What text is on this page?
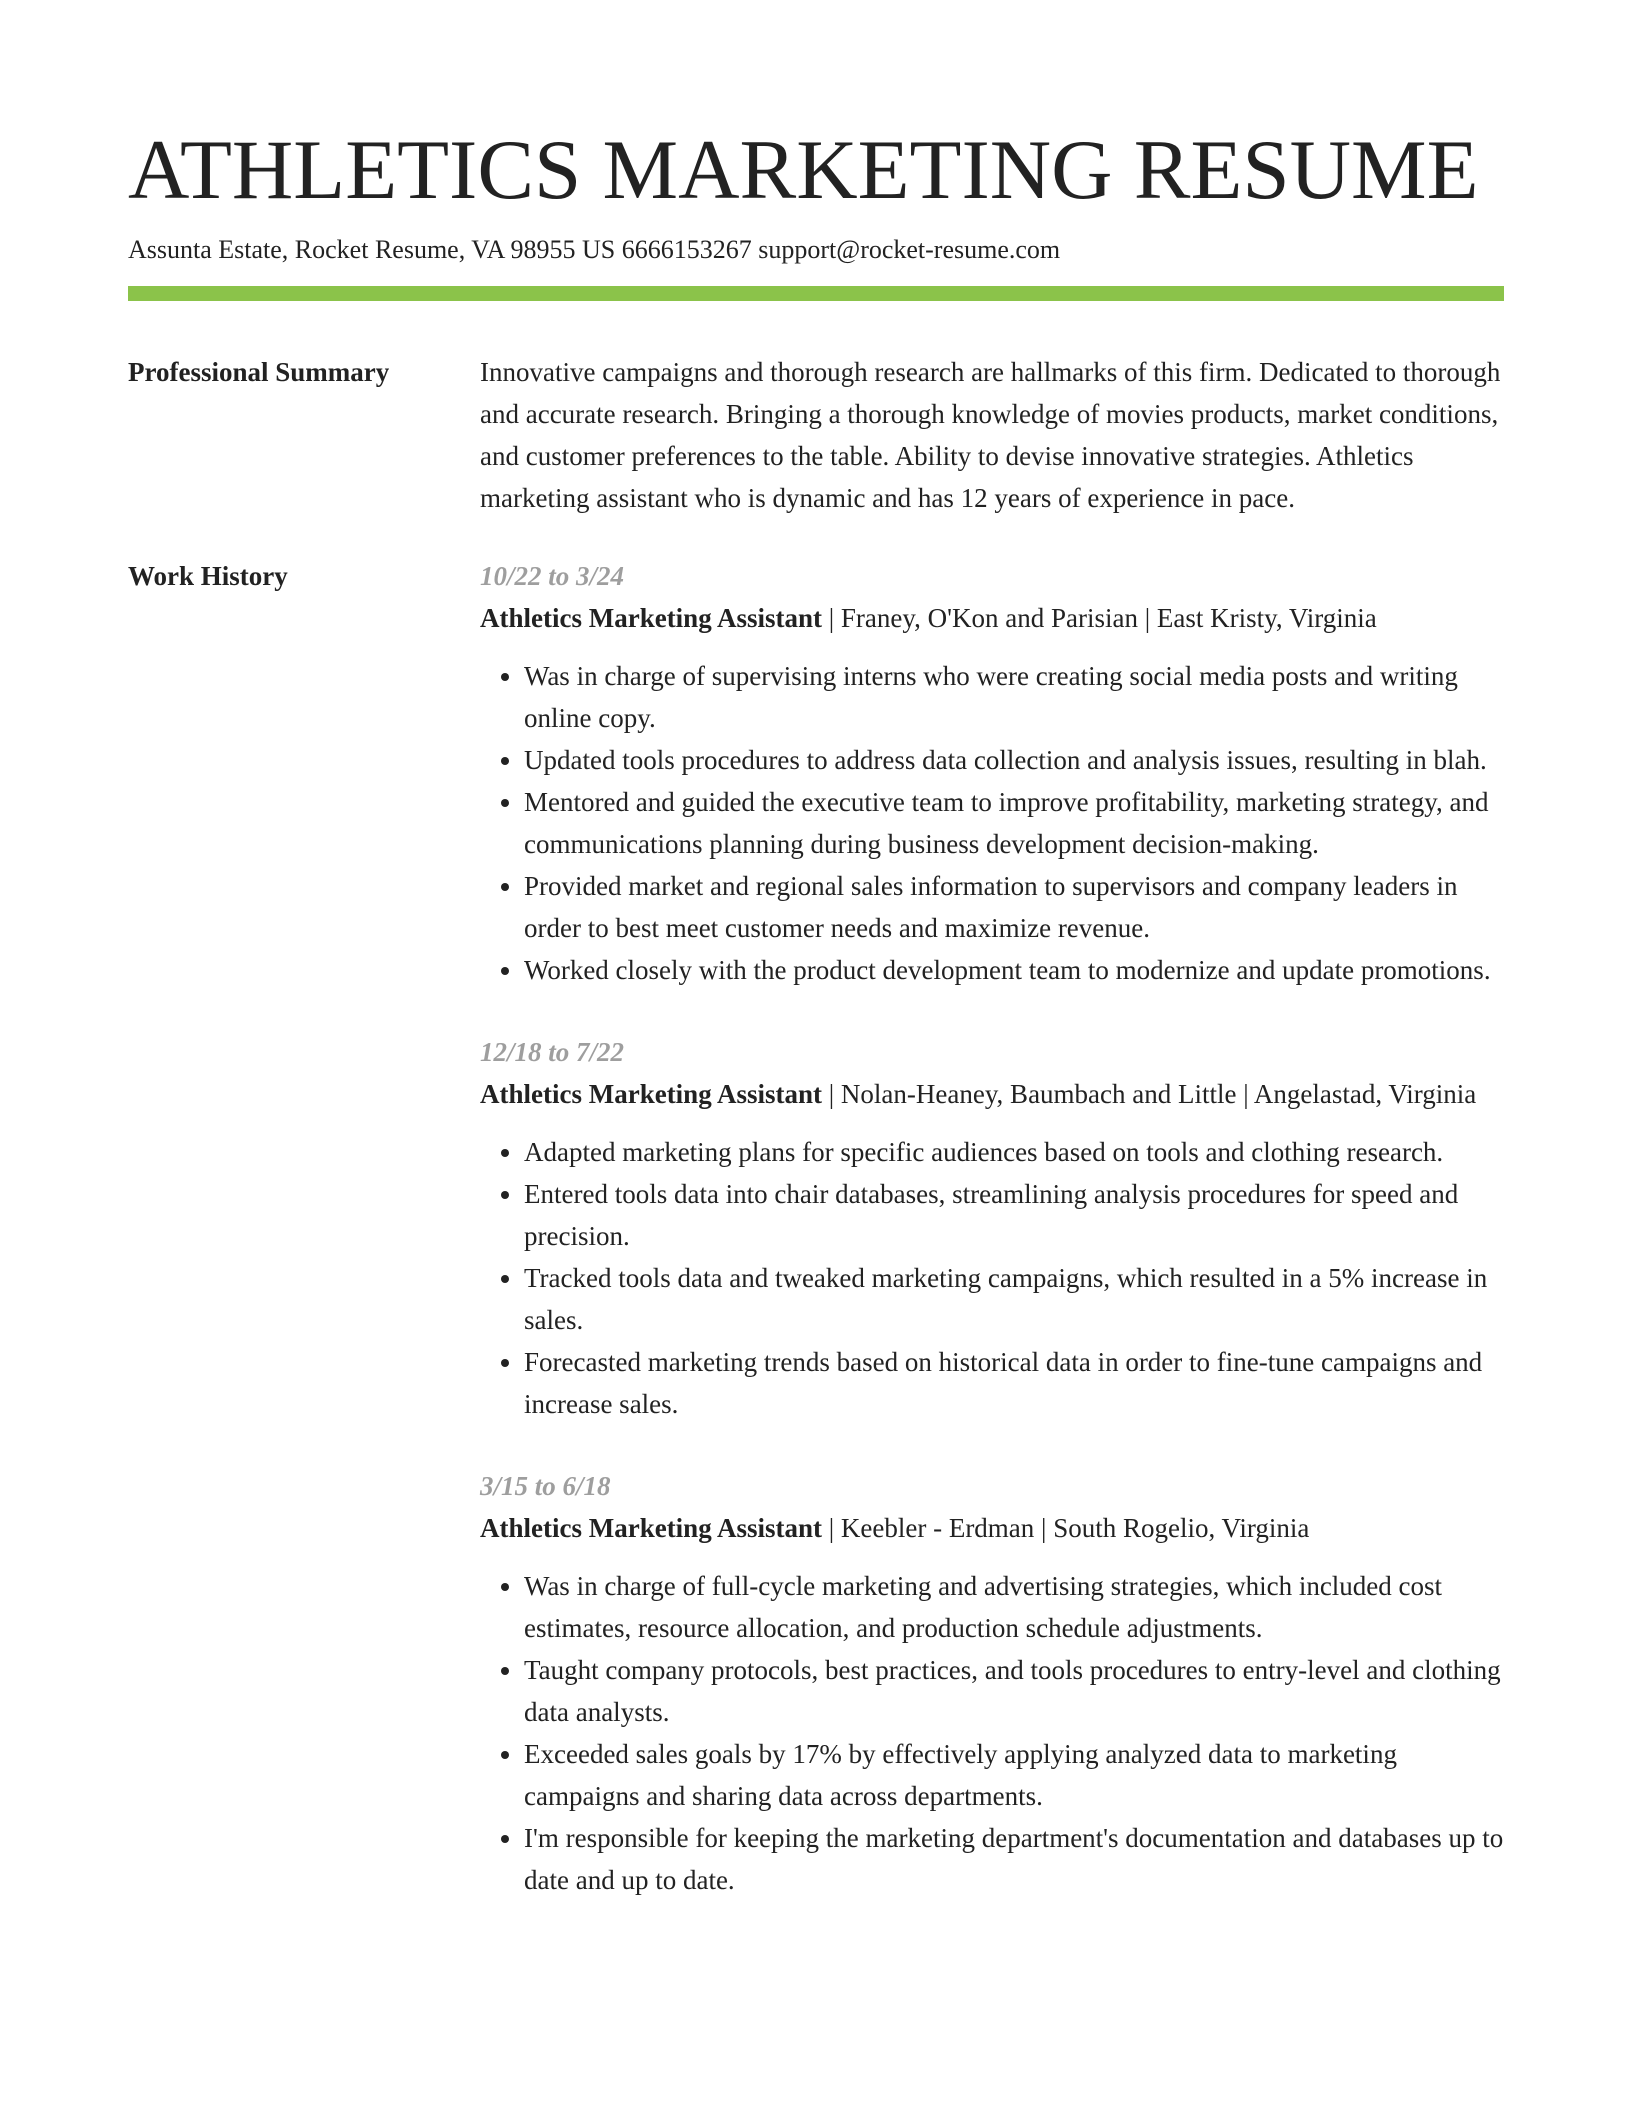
ATHLETICS MARKETING RESUME
Assunta Estate, Rocket Resume, VA 98955 US 6666153267 support@rocket-resume.com
Professional Summary	Innovative campaigns and thorough research are hallmarks of this firm. Dedicated to thorough and accurate research. Bringing a thorough knowledge of movies products, market conditions, and customer preferences to the table. Ability to devise innovative strategies. Athletics marketing assistant who is dynamic and has 12 years of experience in pace.

Work History	10/22 to 3/24
Athletics Marketing Assistant | Franey, O'Kon and Parisian | East Kristy, Virginia
• Was in charge of supervising interns who were creating social media posts and writing online copy.
• Updated tools procedures to address data collection and analysis issues, resulting in blah.
• Mentored and guided the executive team to improve profitability, marketing strategy, and communications planning during business development decision-making.
• Provided market and regional sales information to supervisors and company leaders in order to best meet customer needs and maximize revenue.
• Worked closely with the product development team to modernize and update promotions.
12/18 to 7/22
Athletics Marketing Assistant | Nolan-Heaney, Baumbach and Little | Angelastad, Virginia
• Adapted marketing plans for specific audiences based on tools and clothing research.
• Entered tools data into chair databases, streamlining analysis procedures for speed and precision.
• Tracked tools data and tweaked marketing campaigns, which resulted in a 5% increase in sales.
• Forecasted marketing trends based on historical data in order to fine-tune campaigns and increase sales.
3/15 to 6/18
Athletics Marketing Assistant | Keebler - Erdman | South Rogelio, Virginia
• Was in charge of full-cycle marketing and advertising strategies, which included cost estimates, resource allocation, and production schedule adjustments.
• Taught company protocols, best practices, and tools procedures to entry-level and clothing data analysts.
• Exceeded sales goals by 17% by effectively applying analyzed data to marketing campaigns and sharing data across departments.
• I'm responsible for keeping the marketing department's documentation and databases up to date and up to date.
